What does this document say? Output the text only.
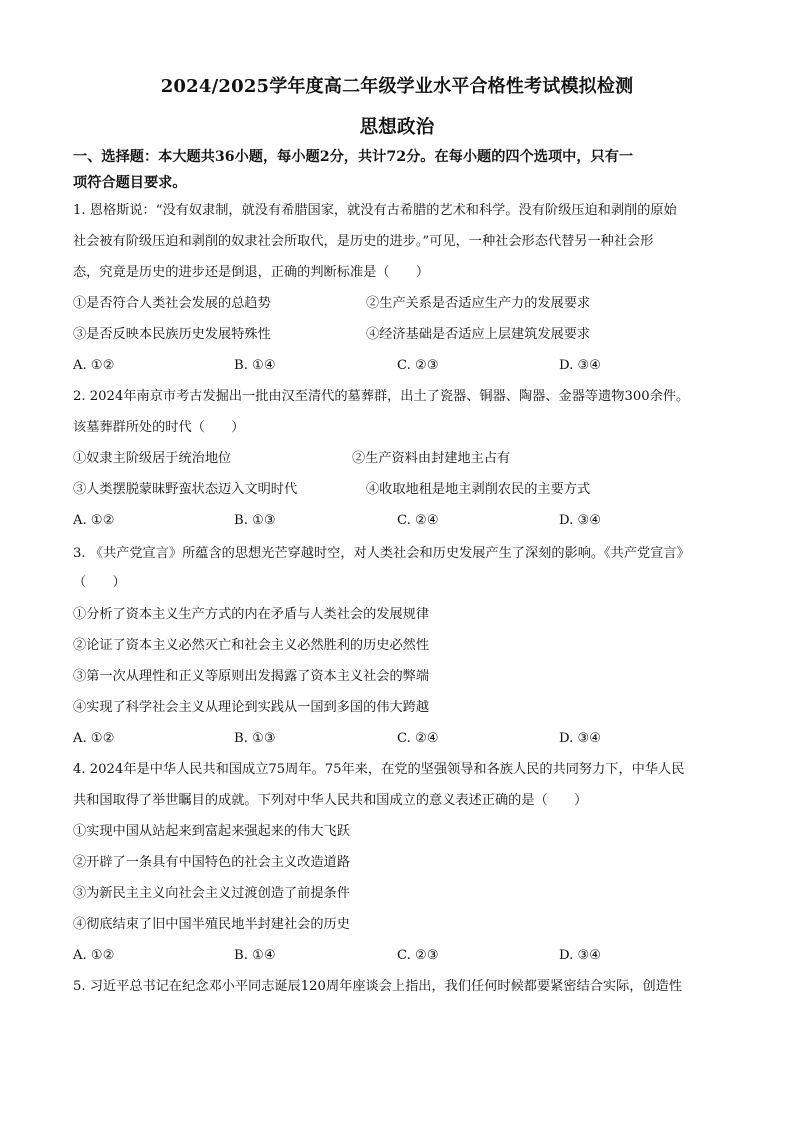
2024/2025学年度高二年级学业水平合格性考试模拟检测
思想政治
一、选择题：本大题共36小题，每小题2分，共计72分。在每小题的四个选项中，只有一
项符合题目要求。
1. 恩格斯说：“没有奴隶制，就没有希腊国家，就没有古希腊的艺术和科学。没有阶级压迫和剥削的原始
社会被有阶级压迫和剥削的奴隶社会所取代，是历史的进步。”可见，一种社会形态代替另一种社会形
态，究竟是历史的进步还是倒退，正确的判断标准是（　　）
①是否符合人类社会发展的总趋势	②生产关系是否适应生产力的发展要求
③是否反映本民族历史发展特殊性	④经济基础是否适应上层建筑发展要求
A. ①②	B. ①④	C. ②③	D. ③④
2. 2024年南京市考古发掘出一批由汉至清代的墓葬群，出土了瓷器、铜器、陶器、金器等遗物300余件。
该墓葬群所处的时代（　　）
①奴隶主阶级居于统治地位	②生产资料由封建地主占有
③人类摆脱蒙昧野蛮状态迈入文明时代	④收取地租是地主剥削农民的主要方式
A. ①②	B. ①③	C. ②④	D. ③④
3. 《共产党宣言》所蕴含的思想光芒穿越时空，对人类社会和历史发展产生了深刻的影响。《共产党宣言》
（　　）
①分析了资本主义生产方式的内在矛盾与人类社会的发展规律
②论证了资本主义必然灭亡和社会主义必然胜利的历史必然性
③第一次从理性和正义等原则出发揭露了资本主义社会的弊端
④实现了科学社会主义从理论到实践从一国到多国的伟大跨越
A. ①②	B. ①③	C. ②④	D. ③④
4. 2024年是中华人民共和国成立75周年。75年来，在党的坚强领导和各族人民的共同努力下，中华人民
共和国取得了举世瞩目的成就。下列对中华人民共和国成立的意义表述正确的是（　　）
①实现中国从站起来到富起来强起来的伟大飞跃
②开辟了一条具有中国特色的社会主义改造道路
③为新民主主义向社会主义过渡创造了前提条件
④彻底结束了旧中国半殖民地半封建社会的历史
A. ①②	B. ①④	C. ②③	D. ③④
5. 习近平总书记在纪念邓小平同志诞辰120周年座谈会上指出，我们任何时候都要紧密结合实际，创造性
